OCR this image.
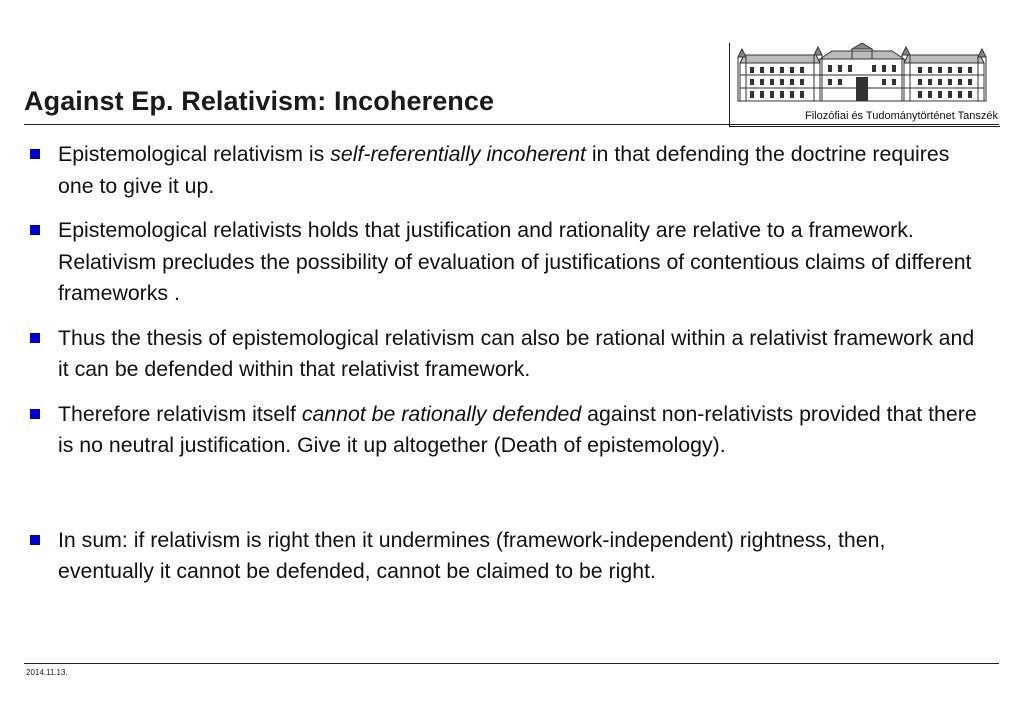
Against Ep. Relativism: Incoherence	Filozófiai és Tudománytörténet Tanszék
Epistemological relativism is self-referentially incoherent in that defending the doctrine requires one to give it up.
Epistemological relativists holds that justification and rationality are relative to a framework. Relativism precludes the possibility of evaluation of justifications of contentious claims of different frameworks .
Thus the thesis of epistemological relativism can also be rational within a relativist framework and it can be defended within that relativist framework.
Therefore relativism itself cannot be rationally defended against non-relativists provided that there is no neutral justification. Give it up altogether (Death of epistemology).
In sum: if relativism is right then it undermines (framework-independent) rightness, then, eventually it cannot be defended, cannot be claimed to be right.
2014.11.13.
